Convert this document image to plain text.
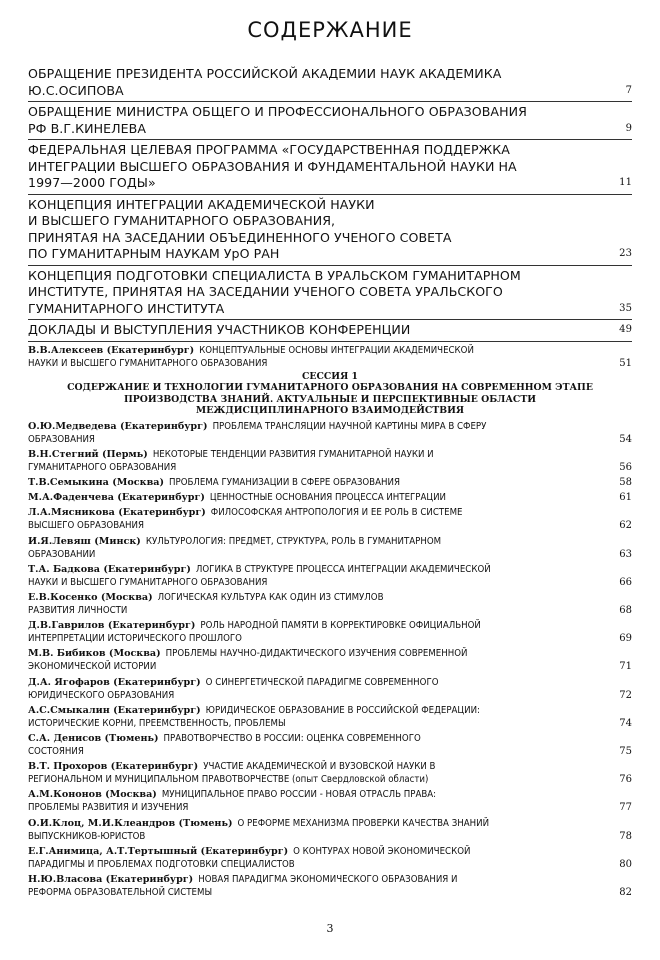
СОДЕРЖАНИЕ
ОБРАЩЕНИЕ ПРЕЗИДЕНТА РОССИЙСКОЙ АКАДЕМИИ НАУК АКАДЕМИКА
Ю.С.ОСИПОВА	7
ОБРАЩЕНИЕ МИНИСТРА ОБЩЕГО И ПРОФЕССИОНАЛЬНОГО ОБРАЗОВАНИЯ
РФ В.Г.КИНЕЛЕВА	9
ФЕДЕРАЛЬНАЯ ЦЕЛЕВАЯ ПРОГРАММА «ГОСУДАРСТВЕННАЯ ПОДДЕРЖКА
ИНТЕГРАЦИИ ВЫСШЕГО ОБРАЗОВАНИЯ И ФУНДАМЕНТАЛЬНОЙ НАУКИ НА
1997—2000 ГОДЫ»	11
КОНЦЕПЦИЯ ИНТЕГРАЦИИ АКАДЕМИЧЕСКОЙ НАУКИ
И ВЫСШЕГО ГУМАНИТАРНОГО ОБРАЗОВАНИЯ,
ПРИНЯТАЯ НА ЗАСЕДАНИИ ОБЪЕДИНЕННОГО УЧЕНОГО СОВЕТА
ПО ГУМАНИТАРНЫМ НАУКАМ УрО РАН	23
КОНЦЕПЦИЯ ПОДГОТОВКИ СПЕЦИАЛИСТА В УРАЛЬСКОМ ГУМАНИТАРНОМ
ИНСТИТУТЕ, ПРИНЯТАЯ НА ЗАСЕДАНИИ УЧЕНОГО СОВЕТА УРАЛЬСКОГО
ГУМАНИТАРНОГО ИНСТИТУТА	35
ДОКЛАДЫ И ВЫСТУПЛЕНИЯ УЧАСТНИКОВ КОНФЕРЕНЦИИ	49
В.В.Алексеев (Екатеринбург) КОНЦЕПТУАЛЬНЫЕ ОСНОВЫ ИНТЕГРАЦИИ АКАДЕМИЧЕСКОЙ
НАУКИ И ВЫСШЕГО ГУМАНИТАРНОГО ОБРАЗОВАНИЯ	51
О.Ю.Медведева (Екатеринбург) ПРОБЛЕМА ТРАНСЛЯЦИИ НАУЧНОЙ КАРТИНЫ МИРА В СФЕРУ
ОБРАЗОВАНИЯ	54
В.Н.Стегний (Пермь) НЕКОТОРЫЕ ТЕНДЕНЦИИ РАЗВИТИЯ ГУМАНИТАРНОЙ НАУКИ И
ГУМАНИТАРНОГО ОБРАЗОВАНИЯ	56
Т.В.Семыкина (Москва) ПРОБЛЕМА ГУМАНИЗАЦИИ В СФЕРЕ ОБРАЗОВАНИЯ	58
М.А.Фаденчева (Екатеринбург) ЦЕННОСТНЫЕ ОСНОВАНИЯ ПРОЦЕССА ИНТЕГРАЦИИ	61
Л.А.Мясникова (Екатеринбург) ФИЛОСОФСКАЯ АНТРОПОЛОГИЯ И ЕЕ РОЛЬ В СИСТЕМЕ
ВЫСШЕГО ОБРАЗОВАНИЯ	62
И.Я.Левяш (Минск) КУЛЬТУРОЛОГИЯ: ПРЕДМЕТ, СТРУКТУРА, РОЛЬ В ГУМАНИТАРНОМ
ОБРАЗОВАНИИ	63
Т.А. Бадкова (Екатеринбург) ЛОГИКА В СТРУКТУРЕ ПРОЦЕССА ИНТЕГРАЦИИ АКАДЕМИЧЕСКОЙ
НАУКИ И ВЫСШЕГО ГУМАНИТАРНОГО ОБРАЗОВАНИЯ	66
Е.В.Косенко (Москва) ЛОГИЧЕСКАЯ КУЛЬТУРА КАК ОДИН ИЗ СТИМУЛОВ
РАЗВИТИЯ ЛИЧНОСТИ	68
Д.В.Гаврилов (Екатеринбург) РОЛЬ НАРОДНОЙ ПАМЯТИ В КОРРЕКТИРОВКЕ ОФИЦИАЛЬНОЙ
ИНТЕРПРЕТАЦИИ ИСТОРИЧЕСКОГО ПРОШЛОГО	69
М.В. Бибиков (Москва) ПРОБЛЕМЫ НАУЧНО-ДИДАКТИЧЕСКОГО ИЗУЧЕНИЯ СОВРЕМЕННОЙ
ЭКОНОМИЧЕСКОЙ ИСТОРИИ	71
Д.А. Ягофаров (Екатеринбург) О СИНЕРГЕТИЧЕСКОЙ ПАРАДИГМЕ СОВРЕМЕННОГО
ЮРИДИЧЕСКОГО ОБРАЗОВАНИЯ	72
А.С.Смыкалин (Екатеринбург) ЮРИДИЧЕСКОЕ ОБРАЗОВАНИЕ В РОССИЙСКОЙ ФЕДЕРАЦИИ:
ИСТОРИЧЕСКИЕ КОРНИ, ПРЕЕМСТВЕННОСТЬ, ПРОБЛЕМЫ	74
С.А. Денисов (Тюмень) ПРАВОТВОРЧЕСТВО В РОССИИ: ОЦЕНКА СОВРЕМЕННОГО
СОСТОЯНИЯ	75
В.Т. Прохоров (Екатеринбург) УЧАСТИЕ АКАДЕМИЧЕСКОЙ И ВУЗОВСКОЙ НАУКИ В
РЕГИОНАЛЬНОМ И МУНИЦИПАЛЬНОМ ПРАВОТВОРЧЕСТВЕ (опыт Свердловской области)	76
А.М.Кононов (Москва) МУНИЦИПАЛЬНОЕ ПРАВО РОССИИ - НОВАЯ ОТРАСЛЬ ПРАВА:
ПРОБЛЕМЫ РАЗВИТИЯ И ИЗУЧЕНИЯ	77
О.И.Клоц, М.И.Клеандров (Тюмень) О РЕФОРМЕ МЕХАНИЗМА ПРОВЕРКИ КАЧЕСТВА ЗНАНИЙ
ВЫПУСКНИКОВ-ЮРИСТОВ	78
Е.Г.Анимица, А.Т.Тертышный (Екатеринбург) О КОНТУРАХ НОВОЙ ЭКОНОМИЧЕСКОЙ
ПАРАДИГМЫ И ПРОБЛЕМАХ ПОДГОТОВКИ СПЕЦИАЛИСТОВ	80
Н.Ю.Власова (Екатеринбург) НОВАЯ ПАРАДИГМА ЭКОНОМИЧЕСКОГО ОБРАЗОВАНИЯ И
РЕФОРМА ОБРАЗОВАТЕЛЬНОЙ СИСТЕМЫ	82
3
СЕССИЯ 1
СОДЕРЖАНИЕ И ТЕХНОЛОГИИ ГУМАНИТАРНОГО ОБРАЗОВАНИЯ НА СОВРЕМЕННОМ ЭТАПЕ
ПРОИЗВОДСТВА ЗНАНИЙ. АКТУАЛЬНЫЕ И ПЕРСПЕКТИВНЫЕ ОБЛАСТИ
МЕЖДИСЦИПЛИНАРНОГО ВЗАИМОДЕЙСТВИЯ
